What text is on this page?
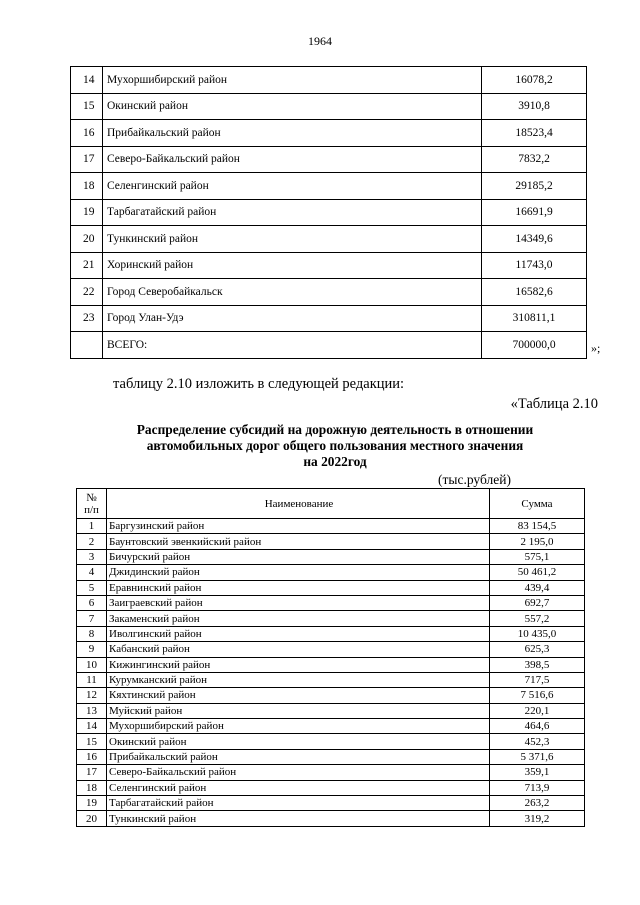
1964
14	Мухоршибирский район	16078,2
15	Окинский район	3910,8
16	Прибайкальский район	18523,4
17	Северо-Байкальский район	7832,2
18	Селенгинский район	29185,2
19	Тарбагатайский район	16691,9
20	Тункинский район	14349,6
21	Хоринский район	11743,0
22	Город Северобайкальск	16582,6
23	Город Улан-Удэ	310811,1
	ВСЕГО:	700000,0	»;
таблицу 2.10 изложить в следующей редакции:
«Таблица 2.10
Распределение субсидий на дорожную деятельность в отношении
автомобильных дорог общего пользования местного значения
на 2022год
(тыс.рублей)
№
п/п	Наименование	Сумма
1	Баргузинский район	83 154,5
2	Баунтовский эвенкийский район	2 195,0
3	Бичурский район	575,1
4	Джидинский район	50 461,2
5	Еравнинский район	439,4
6	Заиграевский район	692,7
7	Закаменский район	557,2
8	Иволгинский район	10 435,0
9	Кабанский район	625,3
10	Кижингинский район	398,5
11	Курумканский район	717,5
12	Кяхтинский район	7 516,6
13	Муйский район	220,1
14	Мухоршибирский район	464,6
15	Окинский район	452,3
16	Прибайкальский район	5 371,6
17	Северо-Байкальский район	359,1
18	Селенгинский район	713,9
19	Тарбагатайский район	263,2
20	Тункинский район	319,2
